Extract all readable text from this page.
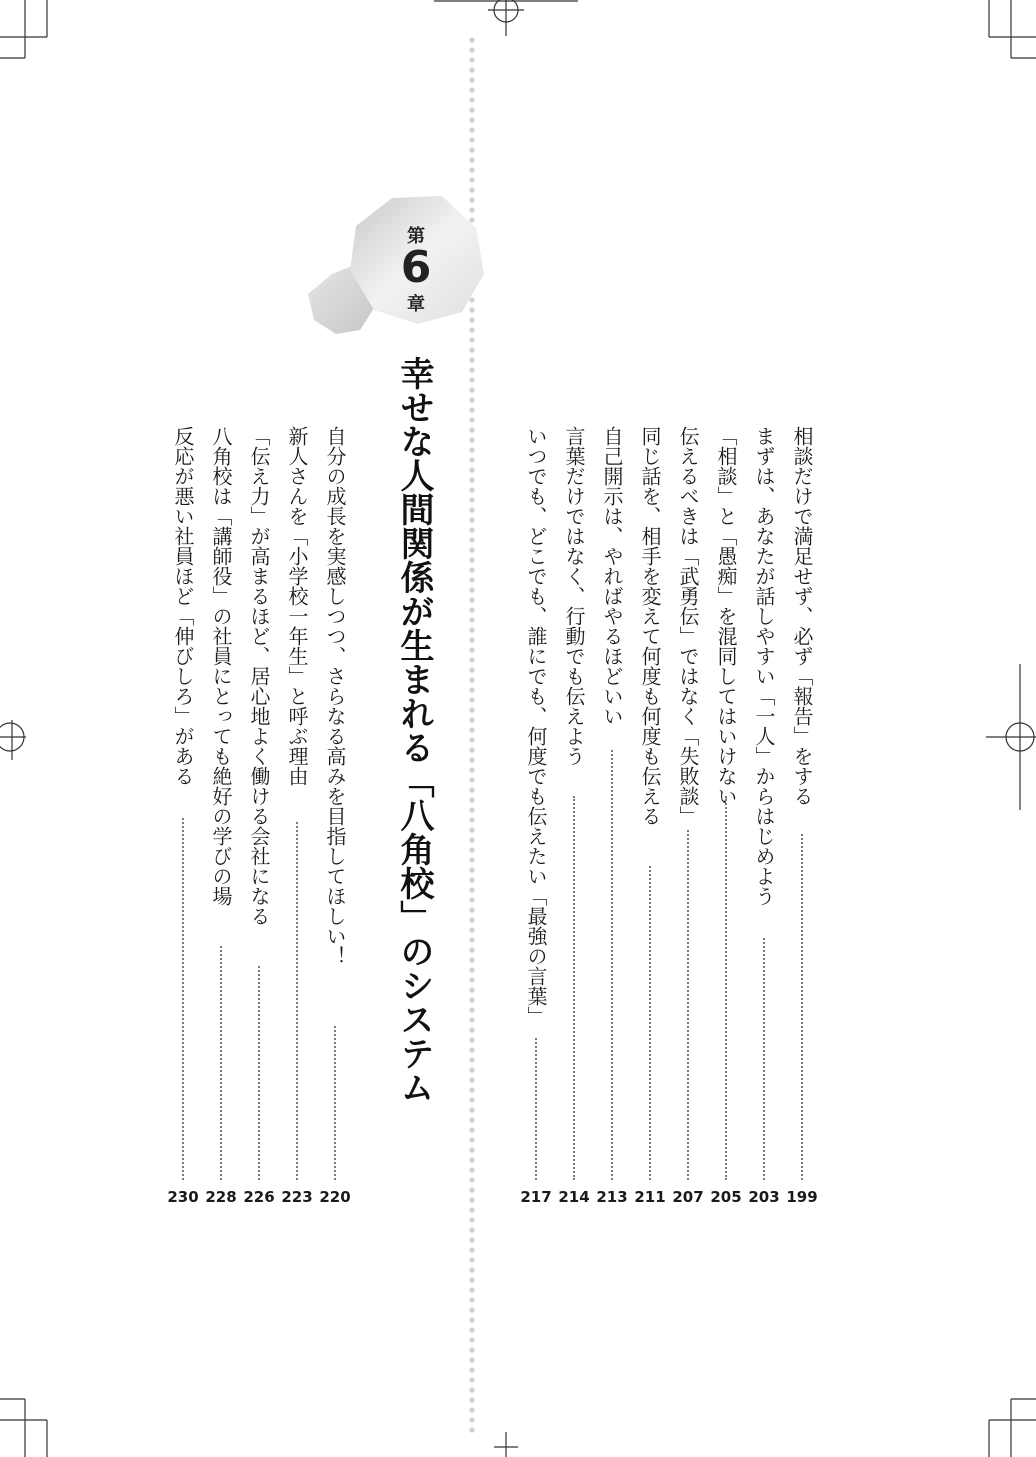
第
6
章
幸せな人間関係が生まれる「八角校」のシステム	相談だけで満足せず、必ず「報告」をする
199
まずは、あなたが話しやすい「一人」からはじめよう
203
「相談」と「愚痴」を混同してはいけない
205
伝えるべきは「武勇伝」ではなく「失敗談」
207
同じ話を、相手を変えて何度も何度も伝える
211
自己開示は、やればやるほどいい
213
言葉だけではなく、行動でも伝えよう
214
いつでも、どこでも、誰にでも、何度でも伝えたい「最強の言葉」
217
自分の成長を実感しつつ、さらなる高みを目指してほしい！
220
新人さんを「小学校一年生」と呼ぶ理由
223
「伝え力」が高まるほど、居心地よく働ける会社になる
226
八角校は「講師役」の社員にとっても絶好の学びの場
228
反応が悪い社員ほど「伸びしろ」がある
230
